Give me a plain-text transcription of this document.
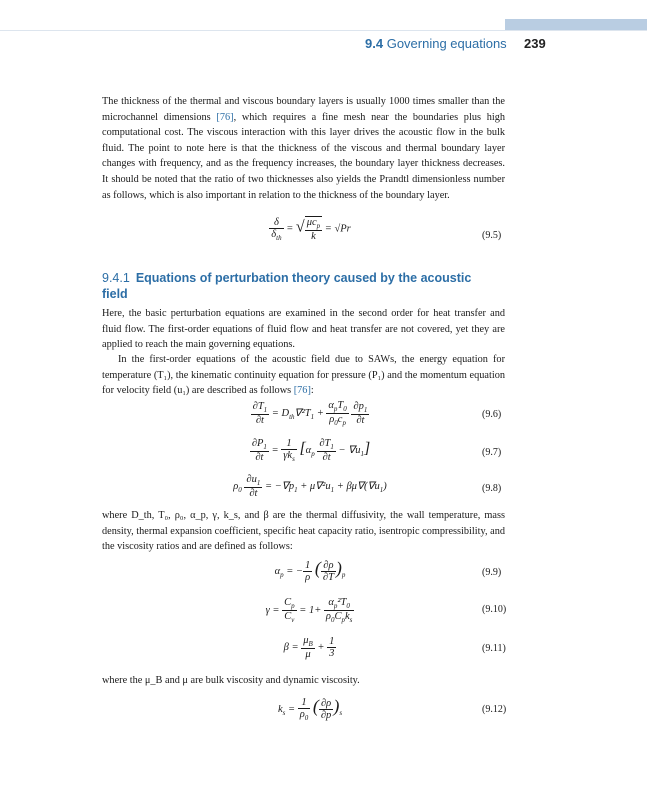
9.4 Governing equations 239

The thickness of the thermal and viscous boundary layers is usually 1000 times smaller than the microchannel dimensions [76], which requires a fine mesh near the boundaries plus high computational cost. The viscous interaction with this layer drives the acoustic flow in the bulk fluid. The point to note here is that the thickness of the viscous and thermal boundary layer changes with frequency, and as the frequency increases, the boundary layer thickness decreases. It should be noted that the ratio of two thicknesses also yields the Prandtl dimensionless number as follows, which is also important in relation to the thickness of the boundary layer.

$\frac{\delta}{\delta_{th}}$ = √ $\frac{\mu c_p}{k} = √Pr$
(9.5)
9.4.1 Equations of perturbation theory caused by the acoustic field

Here, the basic perturbation equations are examined in the second order for heat transfer and fluid flow. The first-order equations of fluid flow and heat transfer are not covered, yet they are applied to reach the main governing equations.

In the first-order equations of the acoustic field due to SAWs, the energy equation for temperature (T₁), the kinematic continuity equation for pressure (P₁) and the momentum equation for velocity field (u₁) are described as follows [76]:

$\frac{\partial T_1}{\partial t} = D_{th}\nabla^2T_1 + \frac{\alpha_pT_0}{\rho_0c_p}$
$\frac{\partial p_1}{\partial t}$	(9.6)
$\frac{\partial P_1}{\partial t} = \frac{1}{\gamma k_s} [\alpha_p \frac{\partial T_1}{\partial t} - \nabla u_1]$	(9.7)
$\rho_0 \frac{\partial u_1}{\partial t} = -\nabla p_1 + \mu\nabla^2u_1 + \beta\mu\nabla(\nabla u_1)$	(9.8)

where D_th, T₀, ρ₀, α_p, γ, k_s, and β are the thermal diffusivity, the wall temperature, mass density, thermal expansion coefficient, specific heat capacity ratio, isentropic compressibility, and the viscosity ratios and are defined as follows:

$\alpha_p$ = − $\frac{1}{\rho}$ ( $\frac{\partial\rho}{\partial T} )_p$	(9.9)
$\gamma = \frac{C_p}{C_v} = 1+ \frac{\alpha_p^2T_0}{\rho_0C_pk_s}$	(9.10)
$\beta = \frac{\mu_B}{\mu} + \frac{1}{3}$	(9.11)

where the μ_B and μ are bulk viscosity and dynamic viscosity.

$k_s = \frac{1}{\rho_0}$ ( $\frac{\partial\rho}{\partial p} )_s$	(9.12)
